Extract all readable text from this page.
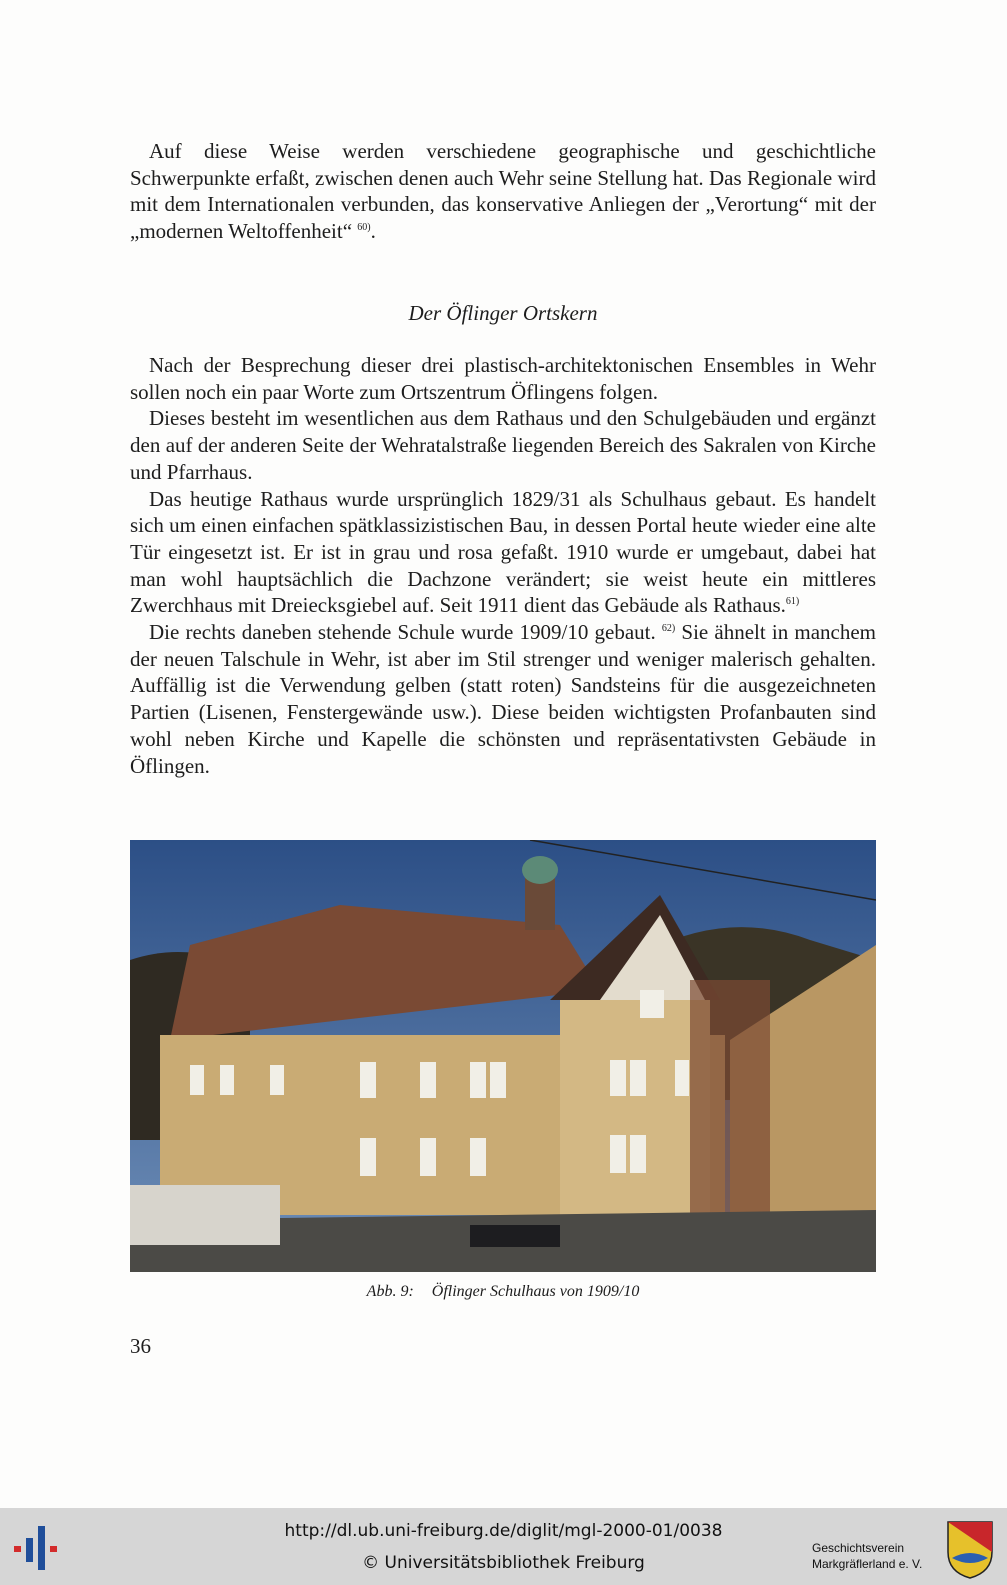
Auf diese Weise werden verschiedene geographische und geschichtliche Schwerpunkte erfaßt, zwischen denen auch Wehr seine Stellung hat. Das Regionale wird mit dem Internationalen verbunden, das konservative Anliegen der „Verortung“ mit der „modernen Weltoffenheit“ $^{60)}$.

Der Öflinger Ortskern

Nach der Besprechung dieser drei plastisch-architektonischen Ensembles in Wehr sollen noch ein paar Worte zum Ortszentrum Öflingens folgen.

Dieses besteht im wesentlichen aus dem Rathaus und den Schulgebäuden und ergänzt den auf der anderen Seite der Wehratalstraße liegenden Bereich des Sakralen von Kirche und Pfarrhaus.

Das heutige Rathaus wurde ursprünglich 1829/31 als Schulhaus gebaut. Es handelt sich um einen einfachen spätklassizistischen Bau, in dessen Portal heute wieder eine alte Tür eingesetzt ist. Er ist in grau und rosa gefaßt. 1910 wurde er umgebaut, dabei hat man wohl hauptsächlich die Dachzone verändert; sie weist heute ein mittleres Zwerchhaus mit Dreiecksgiebel auf. Seit 1911 dient das Gebäude als Rathaus.$^{61)}$

Die rechts daneben stehende Schule wurde 1909/10 gebaut. $^{62)}$ Sie ähnelt in manchem der neuen Talschule in Wehr, ist aber im Stil strenger und weniger malerisch gehalten. Auffällig ist die Verwendung gelben (statt roten) Sandsteins für die ausgezeichneten Partien (Lisenen, Fenstergewände usw.). Diese beiden wichtigsten Profanbauten sind wohl neben Kirche und Kapelle die schönsten und repräsentativsten Gebäude in Öflingen.

Abb. 9: Öflinger Schulhaus von 1909/10
36
http://dl.ub.uni-freiburg.de/diglit/mgl-2000-01/0038
© Universitätsbibliothek Freiburg
Geschichtsverein
Markgräflerland e. V.
